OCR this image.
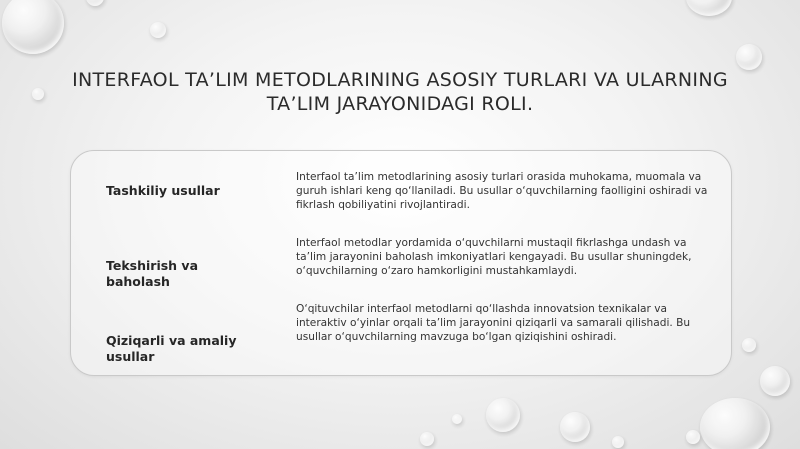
INTERFAOL TA’LIM METODLARINING ASOSIY TURLARI VA ULARNING TA’LIM JARAYONIDAGI ROLI.
Tashkiliy usullar
Interfaol ta’lim metodlarining asosiy turlari orasida muhokama, muomala va guruh ishlari keng qo‘llaniladi. Bu usullar o‘quvchilarning faolligini oshiradi va fikrlash qobiliyatini rivojlantiradi.
Tekshirish va baholash
Interfaol metodlar yordamida o‘quvchilarni mustaqil fikrlashga undash va ta’lim jarayonini baholash imkoniyatlari kengayadi. Bu usullar shuningdek, o‘quvchilarning o‘zaro hamkorligini mustahkamlaydi.
Qiziqarli va amaliy usullar
O‘qituvchilar interfaol metodlarni qo‘llashda innovatsion texnikalar va interaktiv o‘yinlar orqali ta’lim jarayonini qiziqarli va samarali qilishadi. Bu usullar o‘quvchilarning mavzuga bo‘lgan qiziqishini oshiradi.
